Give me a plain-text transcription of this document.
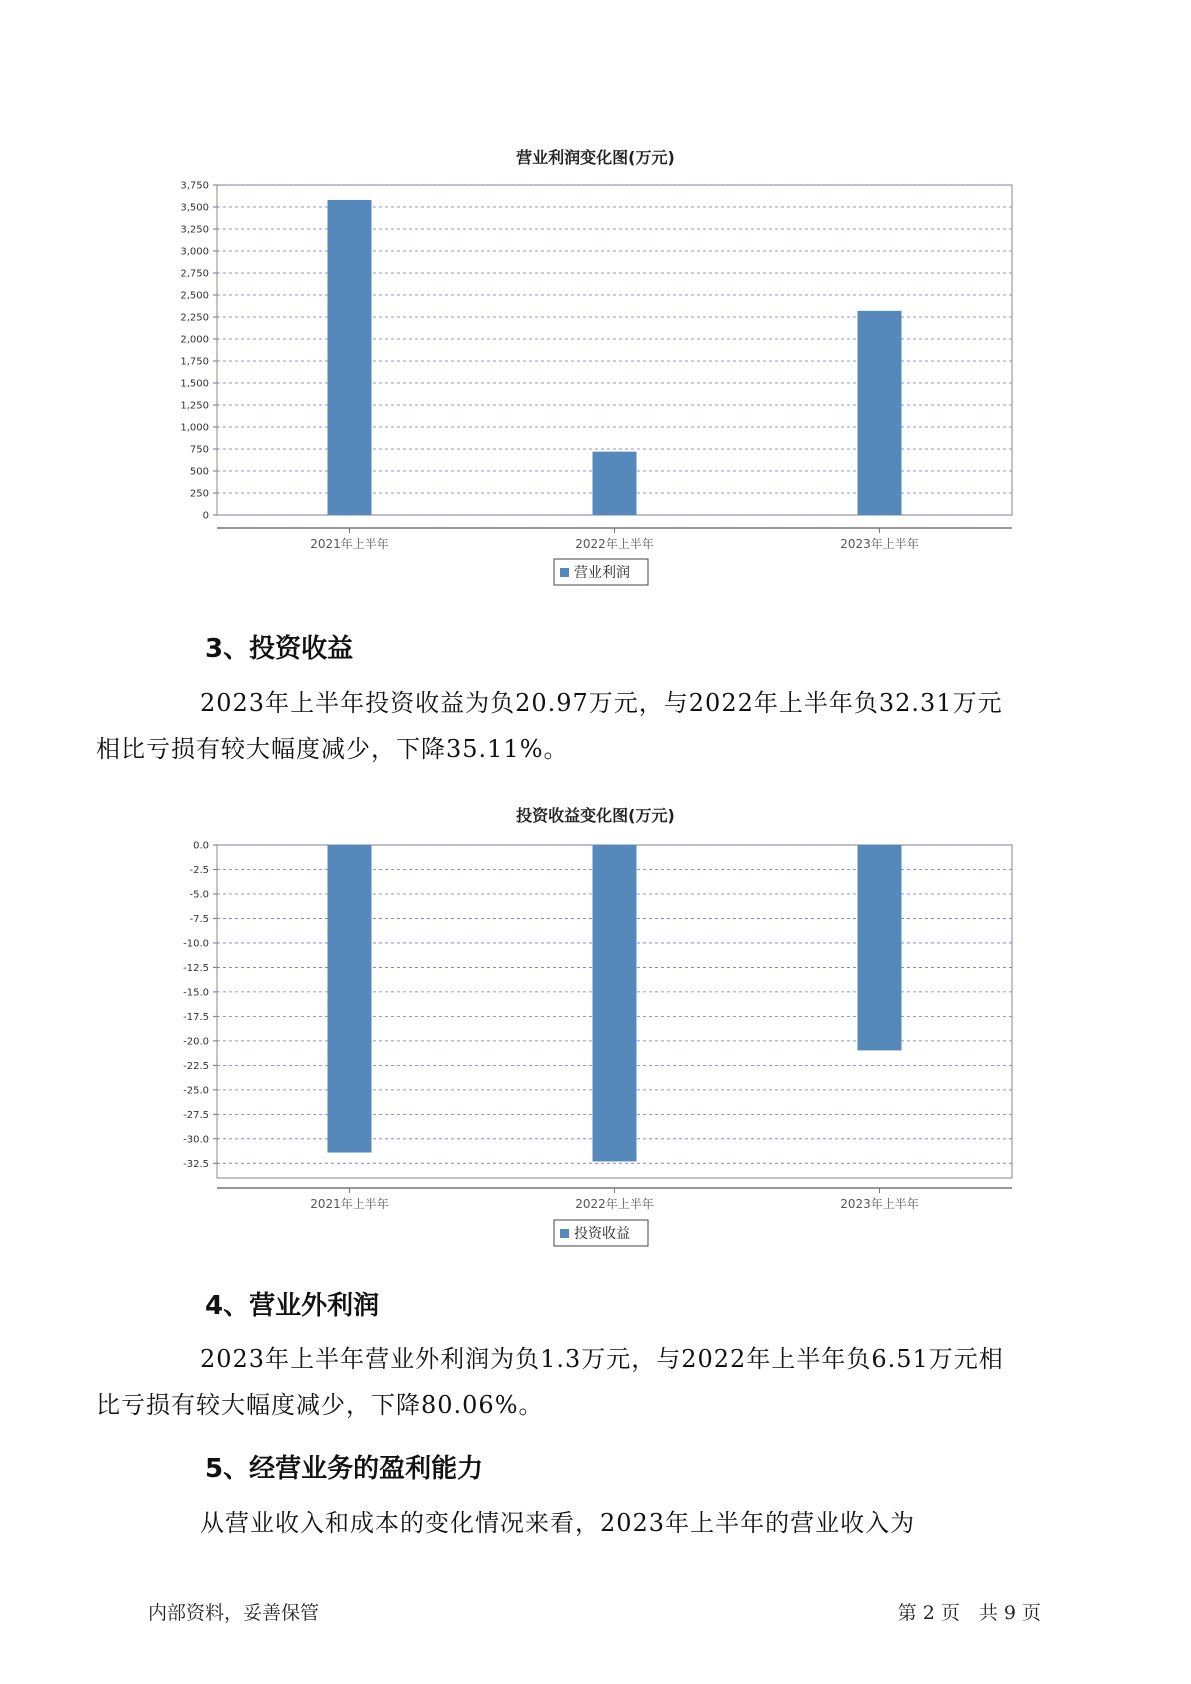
营业利润变化图(万元)
0
250
500
750
1,000
1,250
1,500
1,750
2,000
2,250
2,500
2,750
3,000
3,250
3,500
3,750
2021年上半年	2022年上半年	2023年上半年
营业利润
3、投资收益

2023年上半年投资收益为负20.97万元，与2022年上半年负32.31万元
相比亏损有较大幅度减少，下降35.11%。

投资收益变化图(万元)
0.0
-2.5
-5.0
-7.5
-10.0
-12.5
-15.0
-17.5
-20.0
-22.5
-25.0
-27.5
-30.0
-32.5
2021年上半年	2022年上半年	2023年上半年
投资收益
4、营业外利润

2023年上半年营业外利润为负1.3万元，与2022年上半年负6.51万元相
比亏损有较大幅度减少，下降80.06%。

5、经营业务的盈利能力

从营业收入和成本的变化情况来看，2023年上半年的营业收入为

内部资料，妥善保管	第 2 页　共 9 页
